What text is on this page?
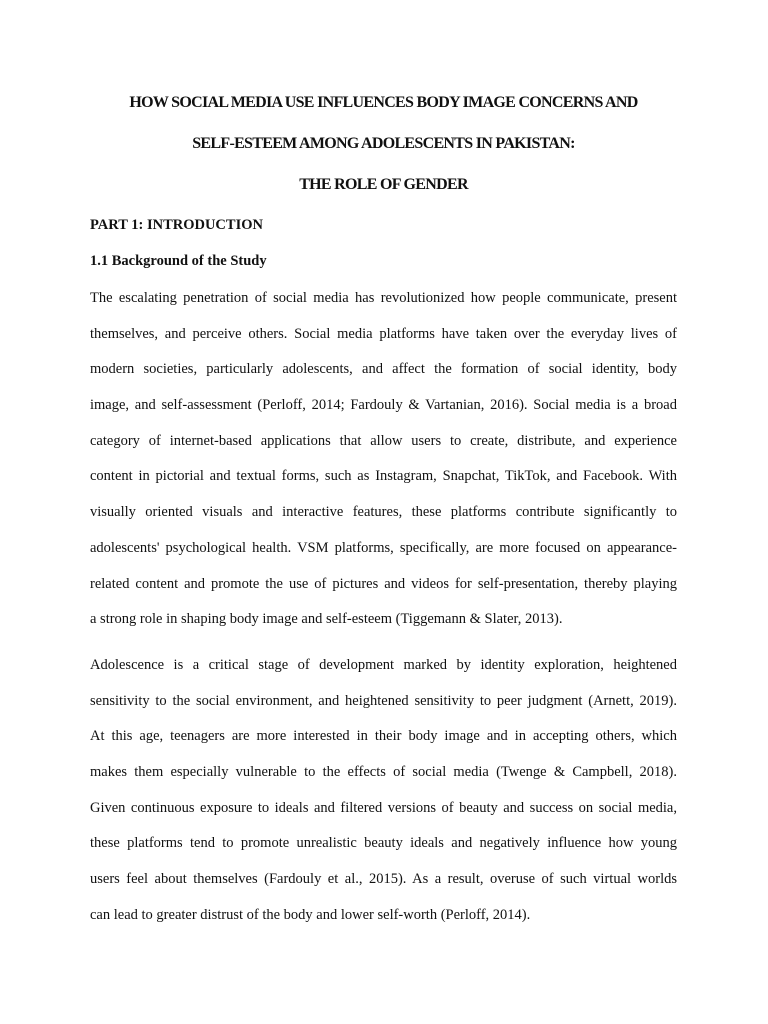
HOW SOCIAL MEDIA USE INFLUENCES BODY IMAGE CONCERNS AND
SELF-ESTEEM AMONG ADOLESCENTS IN PAKISTAN:
THE ROLE OF GENDER
PART 1: INTRODUCTION
1.1 Background of the Study
The escalating penetration of social media has revolutionized how people communicate, present
themselves, and perceive others. Social media platforms have taken over the everyday lives of
modern societies, particularly adolescents, and affect the formation of social identity, body
image, and self-assessment (Perloff, 2014; Fardouly & Vartanian, 2016). Social media is a broad
category of internet-based applications that allow users to create, distribute, and experience
content in pictorial and textual forms, such as Instagram, Snapchat, TikTok, and Facebook. With
visually oriented visuals and interactive features, these platforms contribute significantly to
adolescents' psychological health. VSM platforms, specifically, are more focused on appearance-
related content and promote the use of pictures and videos for self-presentation, thereby playing
a strong role in shaping body image and self-esteem (Tiggemann & Slater, 2013).
Adolescence is a critical stage of development marked by identity exploration, heightened
sensitivity to the social environment, and heightened sensitivity to peer judgment (Arnett, 2019).
At this age, teenagers are more interested in their body image and in accepting others, which
makes them especially vulnerable to the effects of social media (Twenge & Campbell, 2018).
Given continuous exposure to ideals and filtered versions of beauty and success on social media,
these platforms tend to promote unrealistic beauty ideals and negatively influence how young
users feel about themselves (Fardouly et al., 2015). As a result, overuse of such virtual worlds
can lead to greater distrust of the body and lower self-worth (Perloff, 2014).
